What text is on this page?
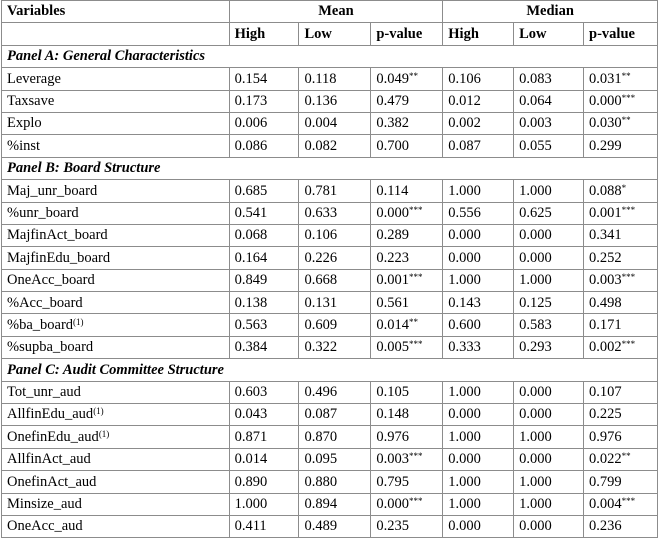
Variables	Mean			Median		
	High	Low	p-value	High	Low	p-value
Panel A: General Characteristics						
Leverage	0.154	0.118	0.049**	0.106	0.083	0.031**
Taxsave	0.173	0.136	0.479	0.012	0.064	0.000***
Explo	0.006	0.004	0.382	0.002	0.003	0.030**
%inst	0.086	0.082	0.700	0.087	0.055	0.299
Panel B: Board Structure						
Maj_unr_board	0.685	0.781	0.114	1.000	1.000	0.088*
%unr_board	0.541	0.633	0.000***	0.556	0.625	0.001***
MajfinAct_board	0.068	0.106	0.289	0.000	0.000	0.341
MajfinEdu_board	0.164	0.226	0.223	0.000	0.000	0.252
OneAcc_board	0.849	0.668	0.001***	1.000	1.000	0.003***
%Acc_board	0.138	0.131	0.561	0.143	0.125	0.498
%ba_board$^{(1)}$	0.563	0.609	0.014**	0.600	0.583	0.171
%supba_board	0.384	0.322	0.005***	0.333	0.293	0.002***
Panel C: Audit Committee Structure						
Tot_unr_aud	0.603	0.496	0.105	1.000	0.000	0.107
AllfinEdu_aud$^{(1)}$	0.043	0.087	0.148	0.000	0.000	0.225
OnefinEdu_aud$^{(1)}$	0.871	0.870	0.976	1.000	1.000	0.976
AllfinAct_aud	0.014	0.095	0.003***	0.000	0.000	0.022**
OnefinAct_aud	0.890	0.880	0.795	1.000	1.000	0.799
Minsize_aud	1.000	0.894	0.000***	1.000	1.000	0.004***
OneAcc_aud	0.411	0.489	0.235	0.000	0.000	0.236
